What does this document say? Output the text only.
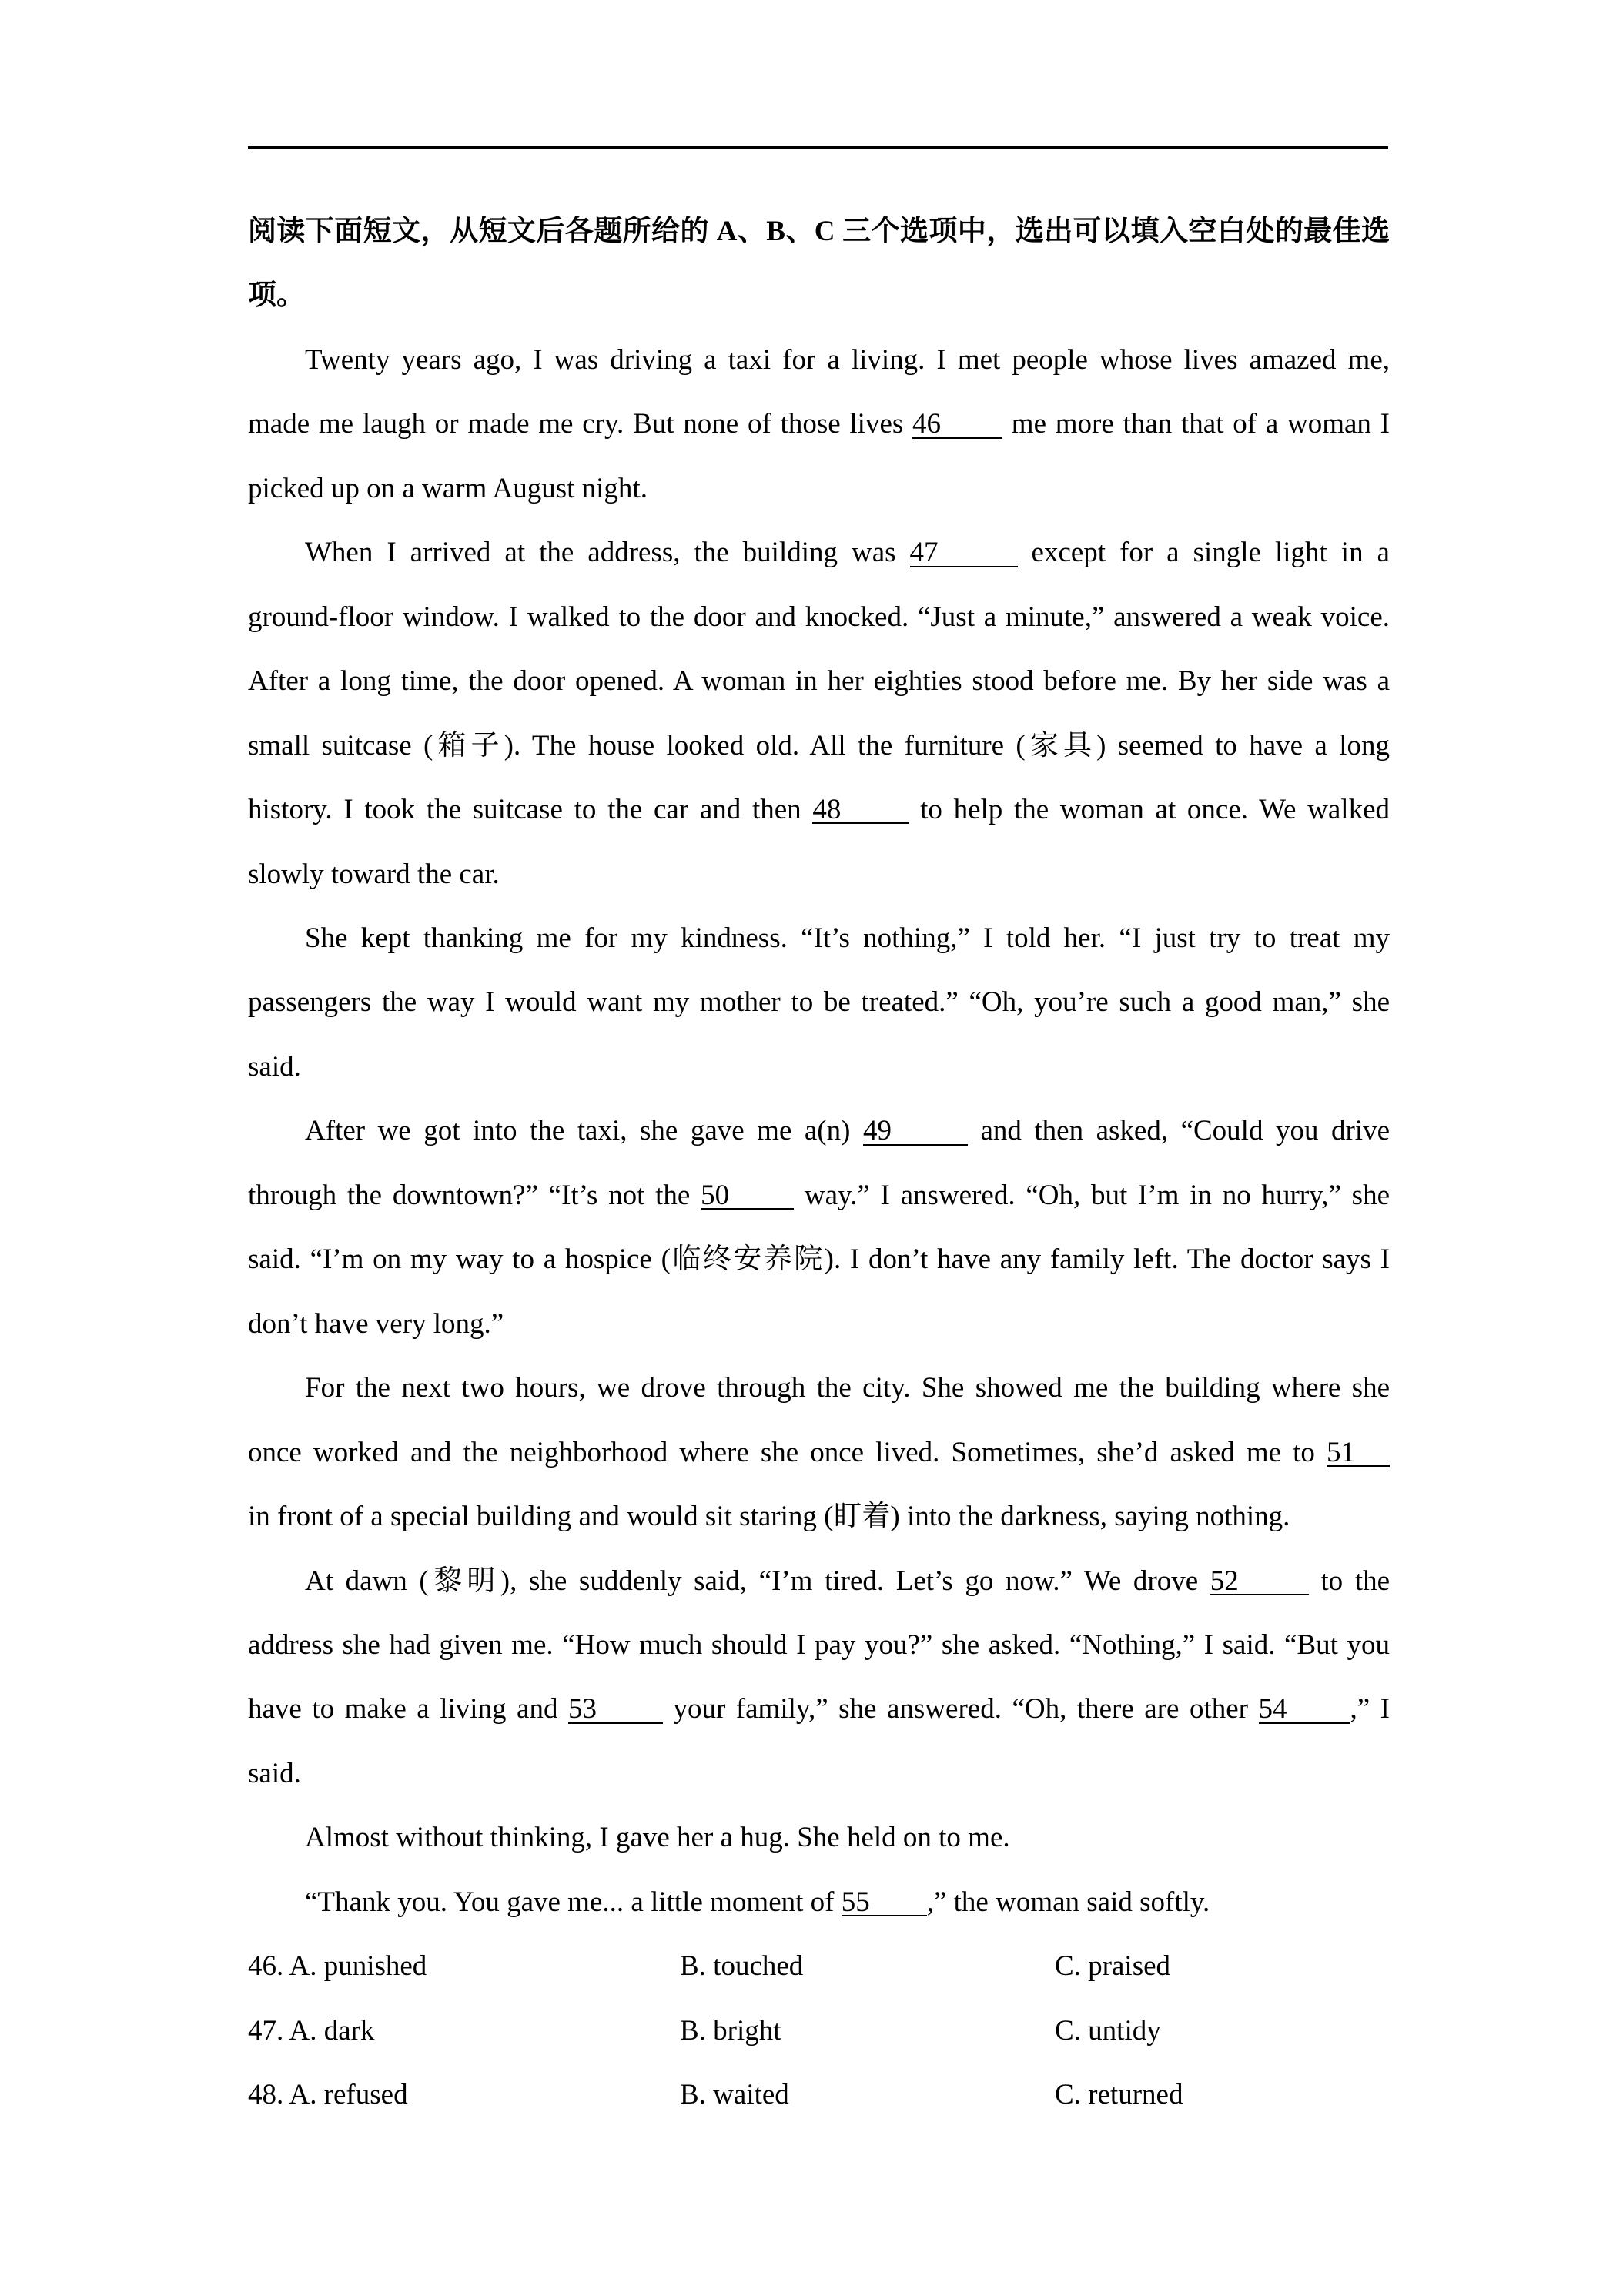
阅读下面短文，从短文后各题所给的 A、B、C 三个选项中，选出可以填入空白处的最佳选
项。
Twenty years ago, I was driving a taxi for a living. I met people whose lives amazed me,
made me laugh or made me cry. But none of those lives 46 me more than that of a woman I
picked up on a warm August night.
When I arrived at the address, the building was 47	except for a single light in a
ground-floor window. I walked to the door and knocked. “Just a minute,” answered a weak voice.
After a long time, the door opened. A woman in her eighties stood before me. By her side was a
small suitcase (箱子). The house looked old. All the furniture (家具) seemed to have a long
history. I took the suitcase to the car and then 48 to help the woman at once. We walked
slowly toward the car.
She kept thanking me for my kindness. “It’s nothing,” I told her. “I just try to treat my
passengers the way I would want my mother to be treated.” “Oh, you’re such a good man,” she
said.
After we got into the taxi, she gave me a(n) 49	and then asked, “Could you drive
through the downtown?” “It’s not the 50 way.” I answered. “Oh, but I’m in no hurry,” she
said. “I’m on my way to a hospice (临终安养院). I don’t have any family left. The doctor says I
don’t have very long.”
For the next two hours, we drove through the city. She showed me the building where she
once worked and the neighborhood where she once lived. Sometimes, she’d asked me to 51
in front of a special building and would sit staring (盯着) into the darkness, saying nothing.
At dawn (黎明), she suddenly said, “I’m tired. Let’s go now.” We drove 52 to the
address she had given me. “How much should I pay you?” she asked. “Nothing,” I said. “But you
have to make a living and 53 your family,” she answered. “Oh, there are other 54 ,” I
said.
Almost without thinking, I gave her a hug. She held on to me.
“Thank you. You gave me... a little moment of 55 ,” the woman said softly.
46. A. punished	B. touched	C. praised
47. A. dark	B. bright	C. untidy
48. A. refused	B. waited	C. returned
